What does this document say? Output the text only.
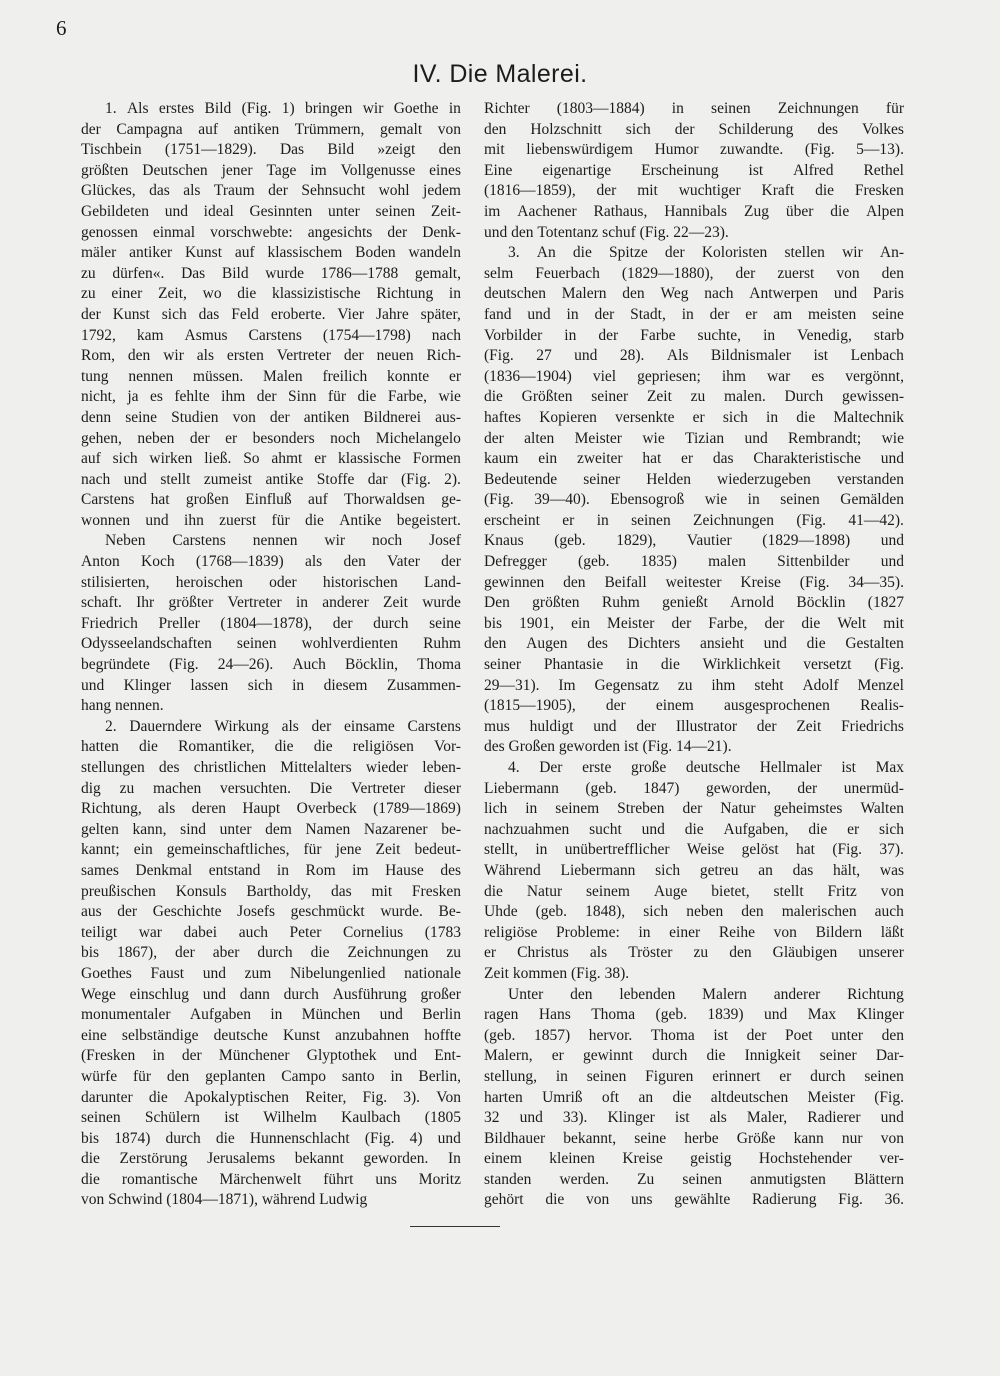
6
IV. Die Malerei.
1. Als erstes Bild (Fig. 1) bringen wir Goethe in
der Campagna auf antiken Trümmern, gemalt von
Tischbein (1751—1829). Das Bild »zeigt den
größten Deutschen jener Tage im Vollgenusse eines
Glückes, das als Traum der Sehnsucht wohl jedem
Gebildeten und ideal Gesinnten unter seinen Zeit-
genossen einmal vorschwebte: angesichts der Denk-
mäler antiker Kunst auf klassischem Boden wandeln
zu dürfen«. Das Bild wurde 1786—1788 gemalt,
zu einer Zeit, wo die klassizistische Richtung in
der Kunst sich das Feld eroberte. Vier Jahre später,
1792, kam Asmus Carstens (1754—1798) nach
Rom, den wir als ersten Vertreter der neuen Rich-
tung nennen müssen. Malen freilich konnte er
nicht, ja es fehlte ihm der Sinn für die Farbe, wie
denn seine Studien von der antiken Bildnerei aus-
gehen, neben der er besonders noch Michelangelo
auf sich wirken ließ. So ahmt er klassische Formen
nach und stellt zumeist antike Stoffe dar (Fig. 2).
Carstens hat großen Einfluß auf Thorwaldsen ge-
wonnen und ihn zuerst für die Antike begeistert.
Neben Carstens nennen wir noch Josef
Anton Koch (1768—1839) als den Vater der
stilisierten, heroischen oder historischen Land-
schaft. Ihr größter Vertreter in anderer Zeit wurde
Friedrich Preller (1804—1878), der durch seine
Odysseelandschaften seinen wohlverdienten Ruhm
begründete (Fig. 24—26). Auch Böcklin, Thoma
und Klinger lassen sich in diesem Zusammen-
hang nennen.
2. Dauerndere Wirkung als der einsame Carstens
hatten die Romantiker, die die religiösen Vor-
stellungen des christlichen Mittelalters wieder leben-
dig zu machen versuchten. Die Vertreter dieser
Richtung, als deren Haupt Overbeck (1789—1869)
gelten kann, sind unter dem Namen Nazarener be-
kannt; ein gemeinschaftliches, für jene Zeit bedeut-
sames Denkmal entstand in Rom im Hause des
preußischen Konsuls Bartholdy, das mit Fresken
aus der Geschichte Josefs geschmückt wurde. Be-
teiligt war dabei auch Peter Cornelius (1783
bis 1867), der aber durch die Zeichnungen zu
Goethes Faust und zum Nibelungenlied nationale
Wege einschlug und dann durch Ausführung großer
monumentaler Aufgaben in München und Berlin
eine selbständige deutsche Kunst anzubahnen hoffte
(Fresken in der Münchener Glyptothek und Ent-
würfe für den geplanten Campo santo in Berlin,
darunter die Apokalyptischen Reiter, Fig. 3). Von
seinen Schülern ist Wilhelm Kaulbach (1805
bis 1874) durch die Hunnenschlacht (Fig. 4) und
die Zerstörung Jerusalems bekannt geworden. In
die romantische Märchenwelt führt uns Moritz
von Schwind (1804—1871), während Ludwig
Richter (1803—1884) in seinen Zeichnungen für
den Holzschnitt sich der Schilderung des Volkes
mit liebenswürdigem Humor zuwandte. (Fig. 5—13).
Eine eigenartige Erscheinung ist Alfred Rethel
(1816—1859), der mit wuchtiger Kraft die Fresken
im Aachener Rathaus, Hannibals Zug über die Alpen
und den Totentanz schuf (Fig. 22—23).
3. An die Spitze der Koloristen stellen wir An-
selm Feuerbach (1829—1880), der zuerst von den
deutschen Malern den Weg nach Antwerpen und Paris
fand und in der Stadt, in der er am meisten seine
Vorbilder in der Farbe suchte, in Venedig, starb
(Fig. 27 und 28). Als Bildnismaler ist Lenbach
(1836—1904) viel gepriesen; ihm war es vergönnt,
die Größten seiner Zeit zu malen. Durch gewissen-
haftes Kopieren versenkte er sich in die Maltechnik
der alten Meister wie Tizian und Rembrandt; wie
kaum ein zweiter hat er das Charakteristische und
Bedeutende seiner Helden wiederzugeben verstanden
(Fig. 39—40). Ebensogroß wie in seinen Gemälden
erscheint er in seinen Zeichnungen (Fig. 41—42).
Knaus (geb. 1829), Vautier (1829—1898) und
Defregger (geb. 1835) malen Sittenbilder und
gewinnen den Beifall weitester Kreise (Fig. 34—35).
Den größten Ruhm genießt Arnold Böcklin (1827
bis 1901, ein Meister der Farbe, der die Welt mit
den Augen des Dichters ansieht und die Gestalten
seiner Phantasie in die Wirklichkeit versetzt (Fig.
29—31). Im Gegensatz zu ihm steht Adolf Menzel
(1815—1905), der einem ausgesprochenen Realis-
mus huldigt und der Illustrator der Zeit Friedrichs
des Großen geworden ist (Fig. 14—21).
4. Der erste große deutsche Hellmaler ist Max
Liebermann (geb. 1847) geworden, der unermüd-
lich in seinem Streben der Natur geheimstes Walten
nachzuahmen sucht und die Aufgaben, die er sich
stellt, in unübertrefflicher Weise gelöst hat (Fig. 37).
Während Liebermann sich getreu an das hält, was
die Natur seinem Auge bietet, stellt Fritz von
Uhde (geb. 1848), sich neben den malerischen auch
religiöse Probleme: in einer Reihe von Bildern läßt
er Christus als Tröster zu den Gläubigen unserer
Zeit kommen (Fig. 38).
Unter den lebenden Malern anderer Richtung
ragen Hans Thoma (geb. 1839) und Max Klinger
(geb. 1857) hervor. Thoma ist der Poet unter den
Malern, er gewinnt durch die Innigkeit seiner Dar-
stellung, in seinen Figuren erinnert er durch seinen
harten Umriß oft an die altdeutschen Meister (Fig.
32 und 33). Klinger ist als Maler, Radierer und
Bildhauer bekannt, seine herbe Größe kann nur von
einem kleinen Kreise geistig Hochstehender ver-
standen werden. Zu seinen anmutigsten Blättern
gehört die von uns gewählte Radierung Fig. 36.
